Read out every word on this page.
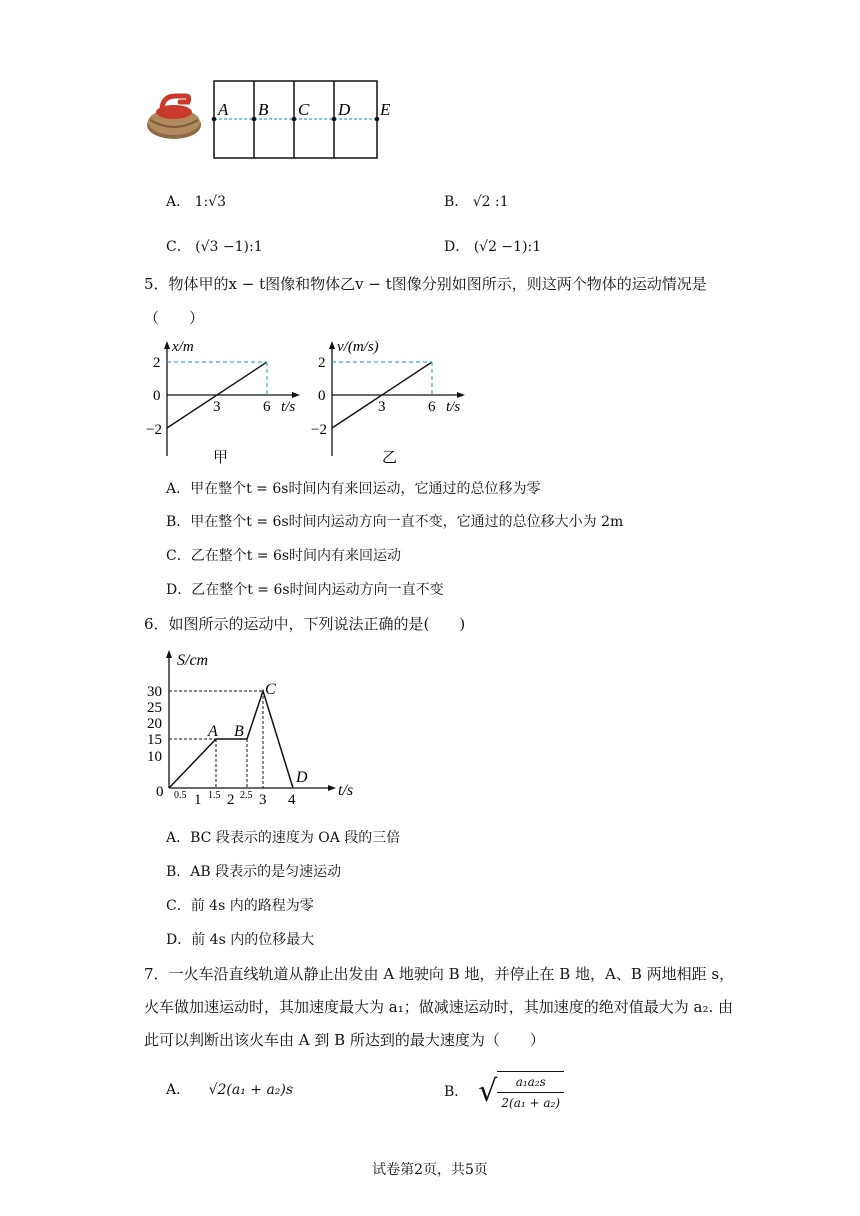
A B C D E
A． 1:√3	B． √2 :1
C． (√3 −1):1	D． (√2 −1):1
5．物体甲的x − t图像和物体乙v − t图像分别如图所示，则这两个物体的运动情况是
（　　）
x/m
2
0
−2
3	6 t/s
甲
v/(m/s)
2
0
−2
3	6 t/s
乙
A．甲在整个t = 6s时间内有来回运动，它通过的总位移为零
B．甲在整个t = 6s时间内运动方向一直不变，它通过的总位移大小为 2m
C．乙在整个t = 6s时间内有来回运动
D．乙在整个t = 6s时间内运动方向一直不变
6．如图所示的运动中，下列说法正确的是(　　)
S/cm
30
25
20
15
10
0 0.5 1 1.5 2 2.5 3 4
t/s
A B
C
D
A．BC 段表示的速度为 OA 段的三倍
B．AB 段表示的是匀速运动
C．前 4s 内的路程为零
D．前 4s 内的位移最大
7．一火车沿直线轨道从静止出发由 A 地驶向 B 地，并停止在 B 地，A、B 两地相距 s，
火车做加速运动时，其加速度最大为 a₁；做减速运动时，其加速度的绝对值最大为 a₂. 由
此可以判断出该火车由 A 到 B 所达到的最大速度为（　　）
A． √2(a₁ + a₂)s	B． √ $\frac{\text{a₁a₂s}}{\text{2(a₁ + a₂)}}$
试卷第2页，共5页
